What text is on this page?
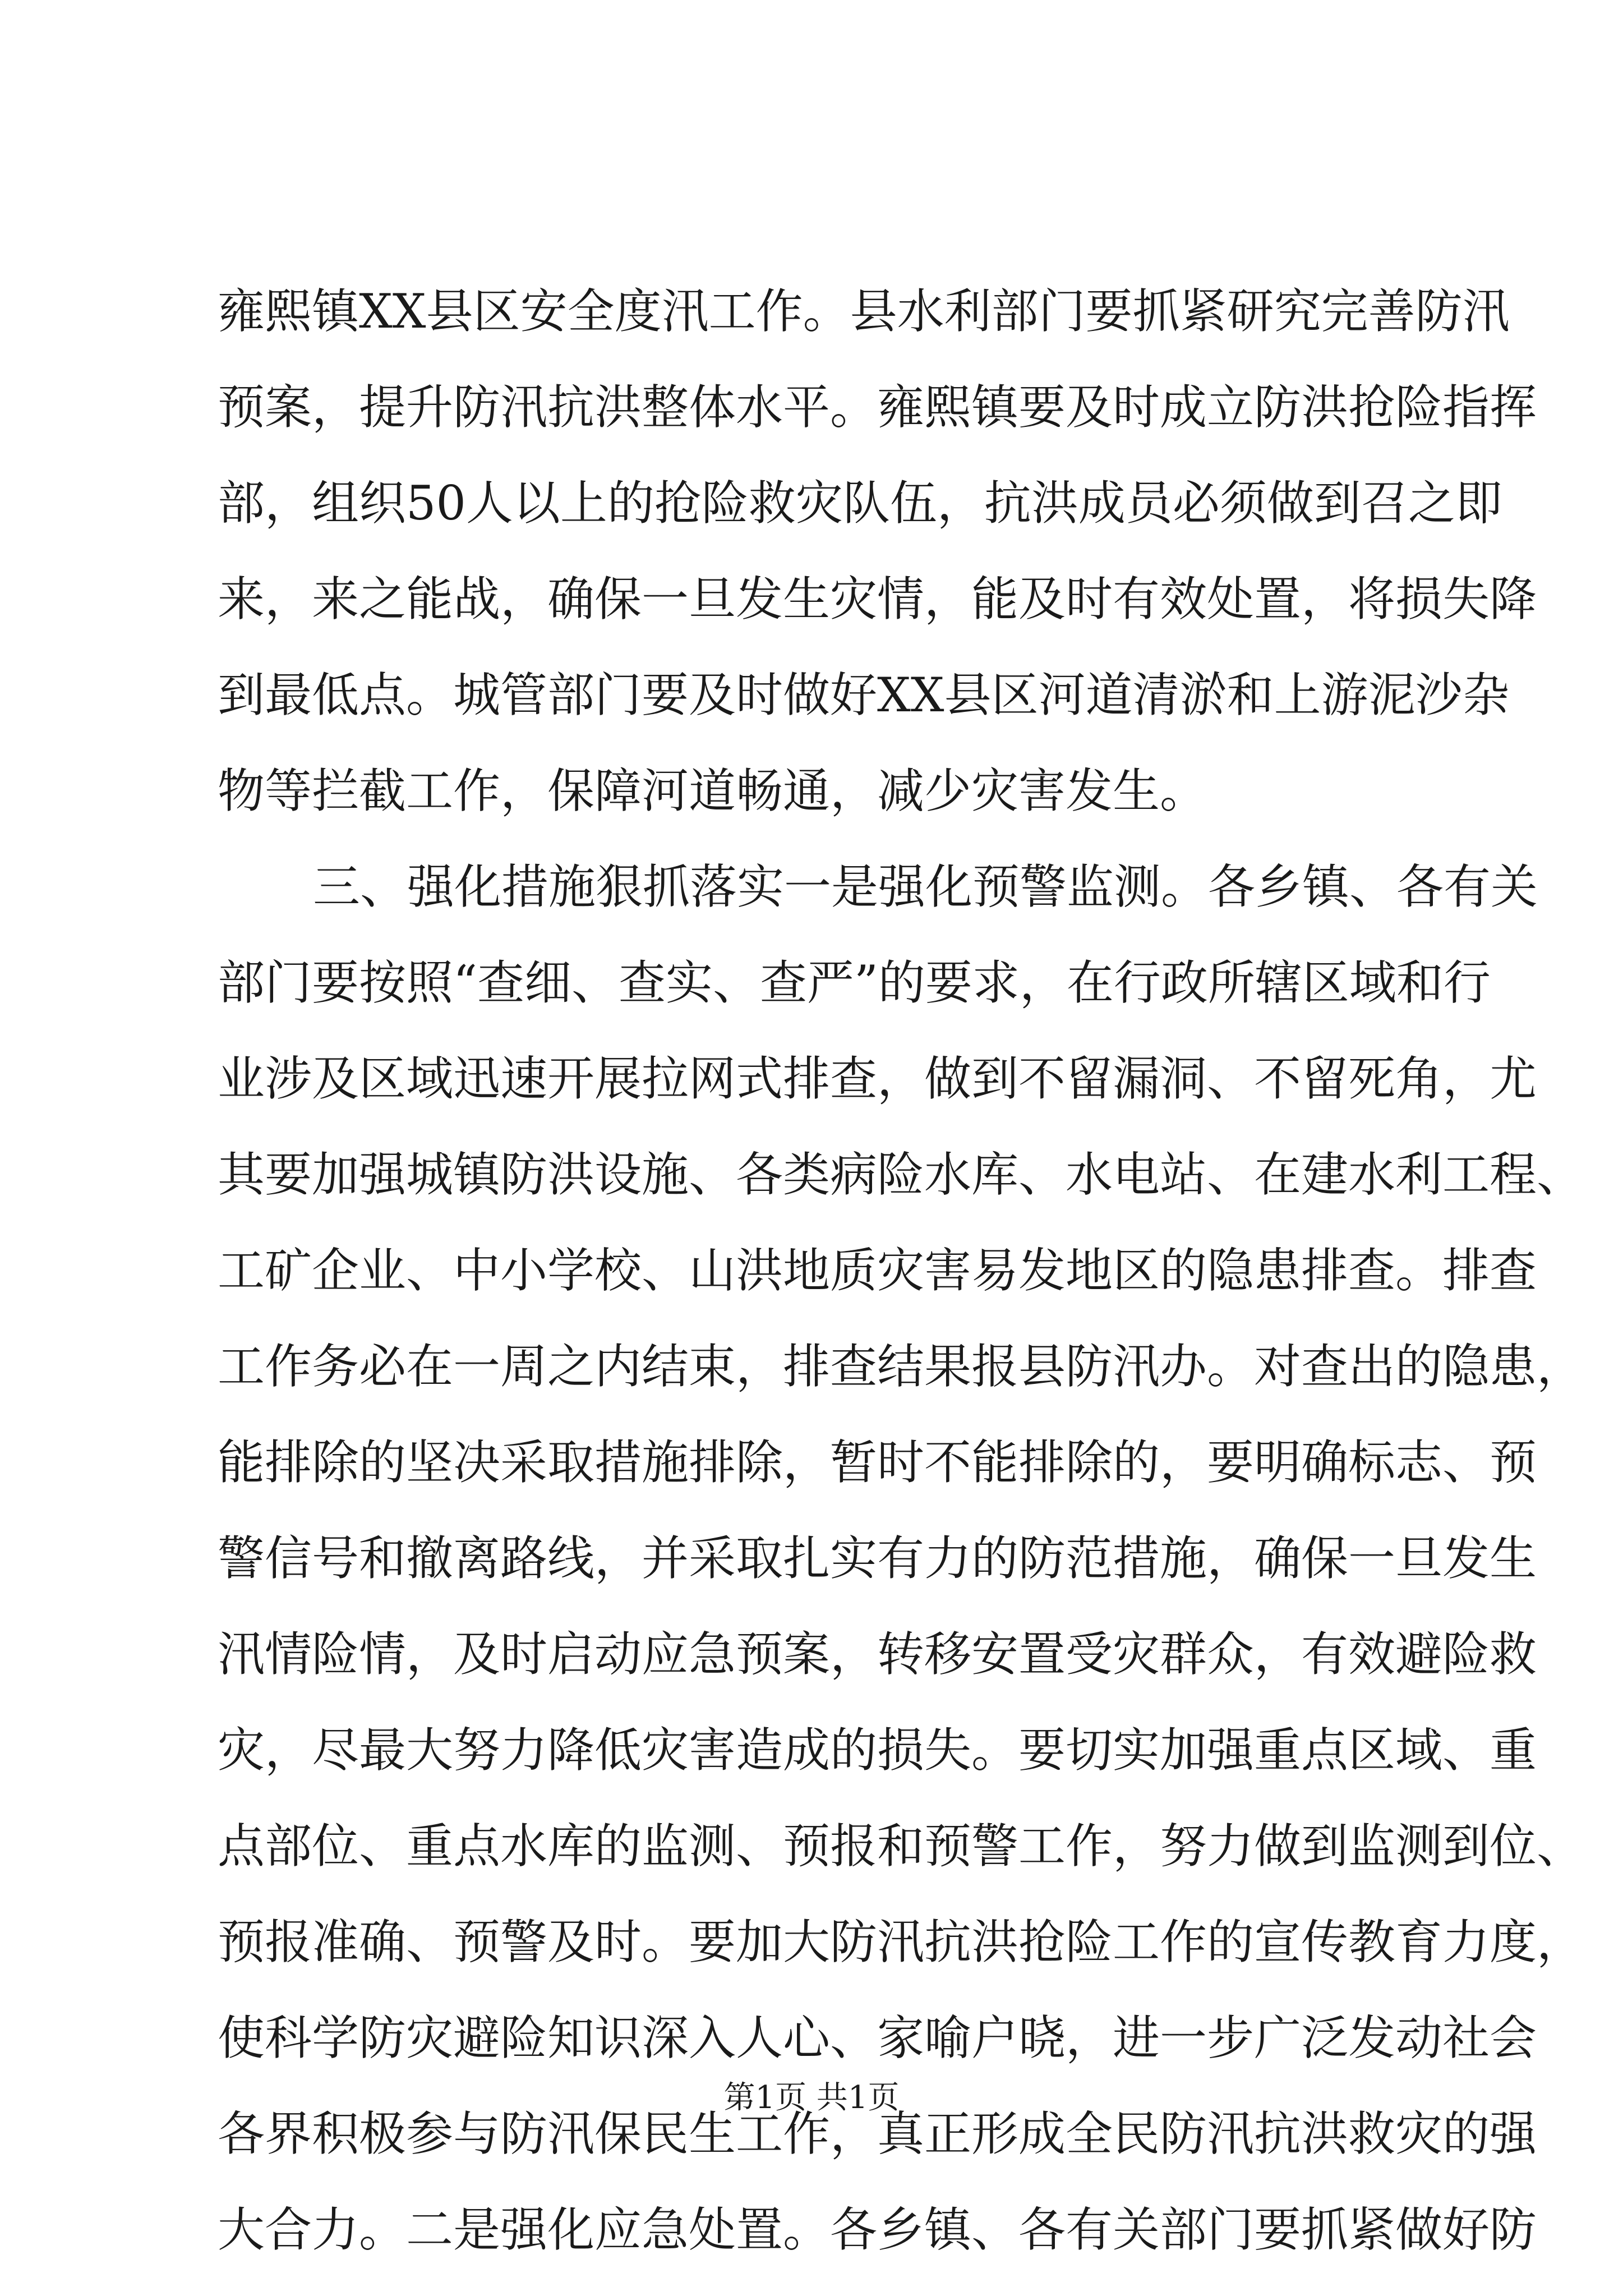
雍熙镇XX县区安全度汛工作。县水利部门要抓紧研究完善防汛
预案，提升防汛抗洪整体水平。雍熙镇要及时成立防洪抢险指挥
部，组织50人以上的抢险救灾队伍，抗洪成员必须做到召之即
来，来之能战，确保一旦发生灾情，能及时有效处置，将损失降
到最低点。城管部门要及时做好XX县区河道清淤和上游泥沙杂
物等拦截工作，保障河道畅通，减少灾害发生。
三、强化措施狠抓落实一是强化预警监测。各乡镇、各有关
部门要按照“查细、查实、查严”的要求，在行政所辖区域和行
业涉及区域迅速开展拉网式排查，做到不留漏洞、不留死角，尤
其要加强城镇防洪设施、各类病险水库、水电站、在建水利工程、
工矿企业、中小学校、山洪地质灾害易发地区的隐患排查。排查
工作务必在一周之内结束，排查结果报县防汛办。对查出的隐患，
能排除的坚决采取措施排除，暂时不能排除的，要明确标志、预
警信号和撤离路线，并采取扎实有力的防范措施，确保一旦发生
汛情险情，及时启动应急预案，转移安置受灾群众，有效避险救
灾，尽最大努力降低灾害造成的损失。要切实加强重点区域、重
点部位、重点水库的监测、预报和预警工作，努力做到监测到位、
预报准确、预警及时。要加大防汛抗洪抢险工作的宣传教育力度，
使科学防灾避险知识深入人心、家喻户晓，进一步广泛发动社会
各界积极参与防汛保民生工作，真正形成全民防汛抗洪救灾的强
大合力。二是强化应急处置。各乡镇、各有关部门要抓紧做好防
第1页 共1页
